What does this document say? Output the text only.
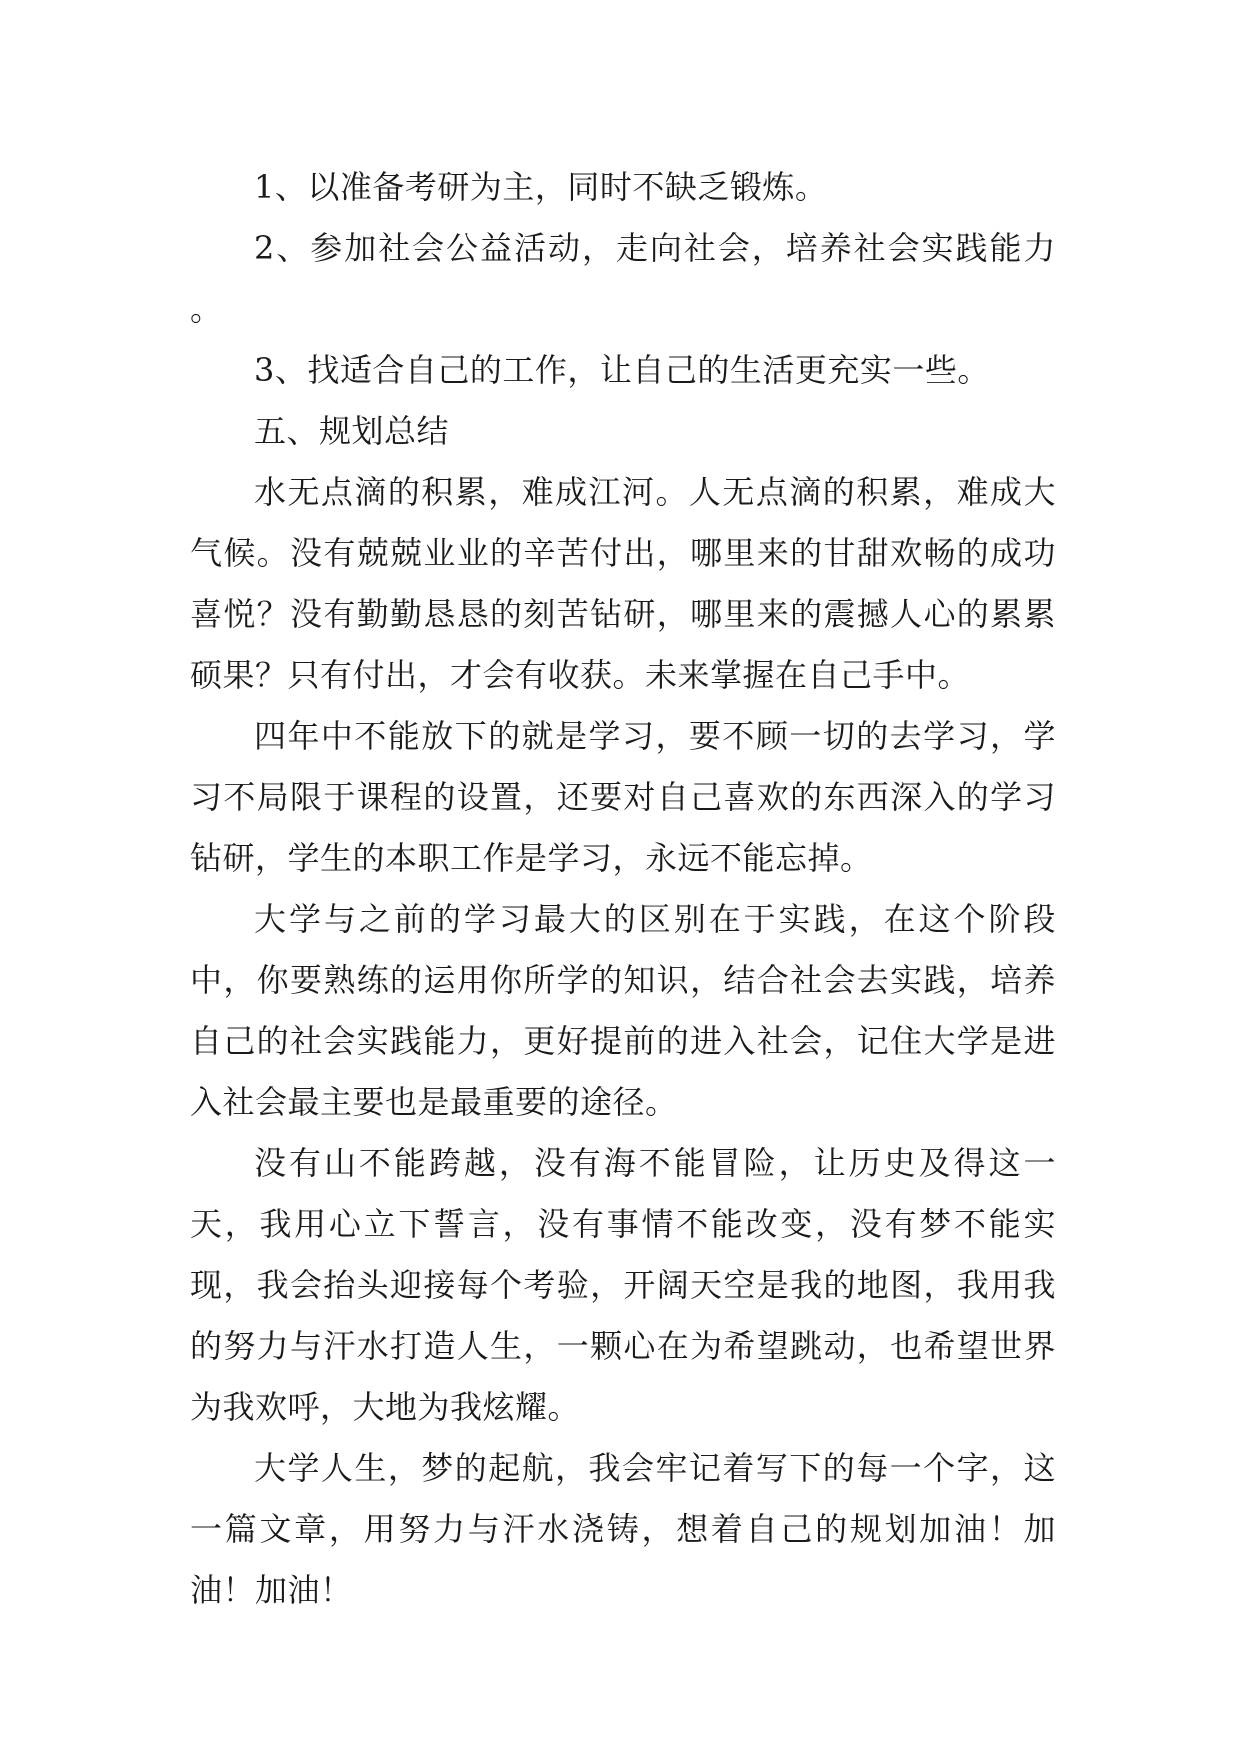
1、以准备考研为主，同时不缺乏锻炼。

2、参加社会公益活动，走向社会，培养社会实践能力 。

3、找适合自己的工作，让自己的生活更充实一些。

五、规划总结

水无点滴的积累，难成江河。人无点滴的积累，难成大气候。没有兢兢业业的辛苦付出，哪里来的甘甜欢畅的成功喜悦？没有勤勤恳恳的刻苦钻研，哪里来的震撼人心的累累硕果？只有付出，才会有收获。未来掌握在自己手中。

四年中不能放下的就是学习，要不顾一切的去学习，学习不局限于课程的设置，还要对自己喜欢的东西深入的学习钻研，学生的本职工作是学习，永远不能忘掉。

大学与之前的学习最大的区别在于实践，在这个阶段中，你要熟练的运用你所学的知识，结合社会去实践，培养自己的社会实践能力，更好提前的进入社会，记住大学是进入社会最主要也是最重要的途径。

没有山不能跨越，没有海不能冒险，让历史及得这一天，我用心立下誓言，没有事情不能改变，没有梦不能实现，我会抬头迎接每个考验，开阔天空是我的地图，我用我的努力与汗水打造人生，一颗心在为希望跳动，也希望世界为我欢呼，大地为我炫耀。

大学人生，梦的起航，我会牢记着写下的每一个字，这一篇文章，用努力与汗水浇铸，想着自己的规划加油！加油！加油！
